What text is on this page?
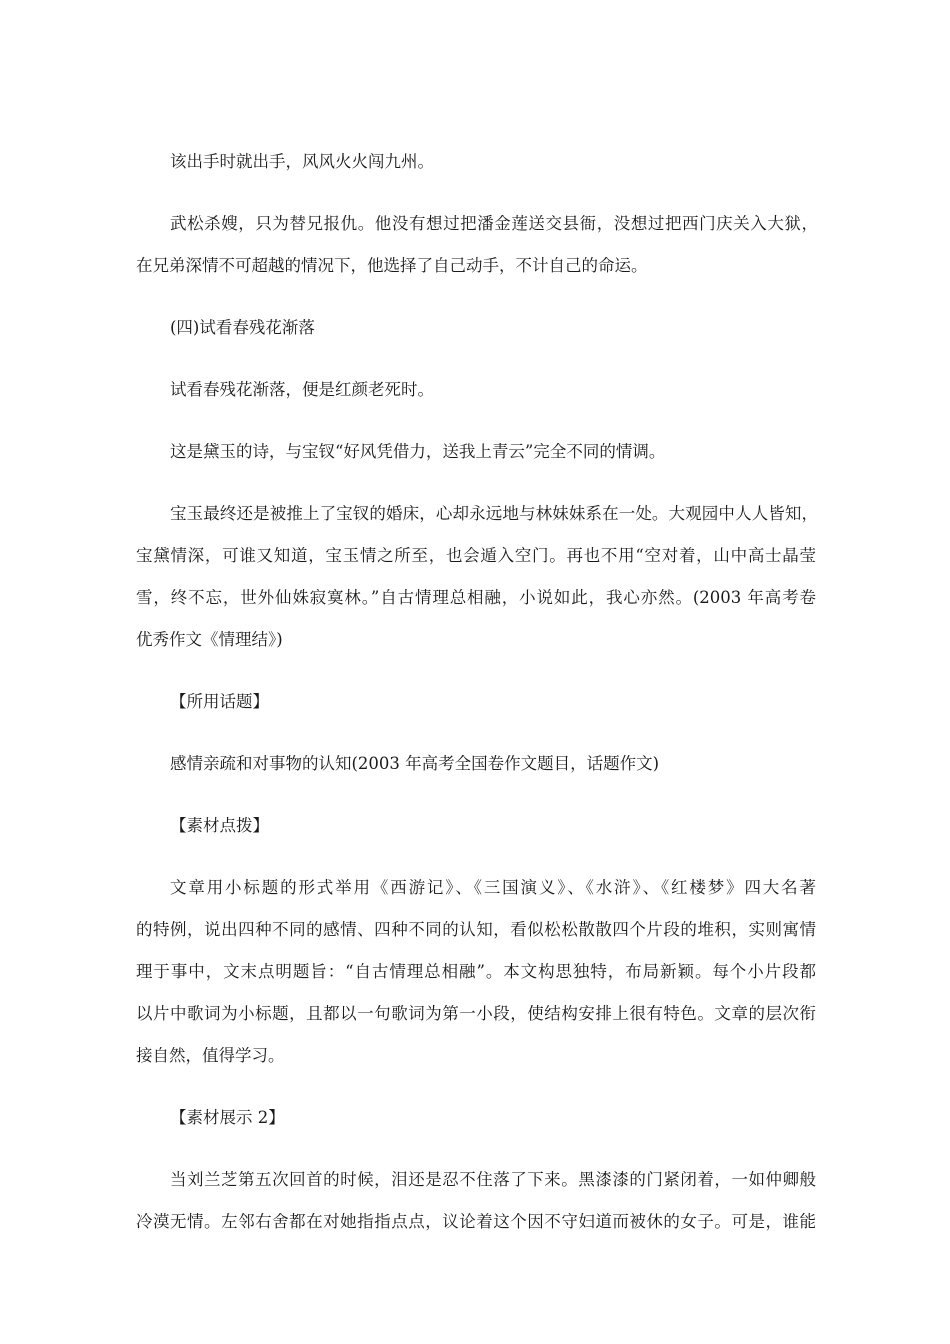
该出手时就出手，风风火火闯九州。

武松杀嫂，只为替兄报仇。他没有想过把潘金莲送交县衙，没想过把西门庆关入大狱，

在兄弟深情不可超越的情况下，他选择了自己动手，不计自己的命运。

(四)试看春残花渐落

试看春残花渐落，便是红颜老死时。

这是黛玉的诗，与宝钗“好风凭借力，送我上青云”完全不同的情调。

宝玉最终还是被推上了宝钗的婚床，心却永远地与林妹妹系在一处。大观园中人人皆知，

宝黛情深，可谁又知道，宝玉情之所至，也会遁入空门。再也不用“空对着，山中高士晶莹

雪，终不忘，世外仙姝寂寞林。”自古情理总相融，小说如此，我心亦然。(2003 年高考卷

优秀作文《情理结》)

【所用话题】

感情亲疏和对事物的认知(2003 年高考全国卷作文题目，话题作文)

【素材点拨】

文章用小标题的形式举用《西游记》、《三国演义》、《水浒》、《红楼梦》四大名著

的特例，说出四种不同的感情、四种不同的认知，看似松松散散四个片段的堆积，实则寓情

理于事中，文末点明题旨：“自古情理总相融”。本文构思独特，布局新颖。每个小片段都

以片中歌词为小标题，且都以一句歌词为第一小段，使结构安排上很有特色。文章的层次衔

接自然，值得学习。

【素材展示 2】

当刘兰芝第五次回首的时候，泪还是忍不住落了下来。黑漆漆的门紧闭着，一如仲卿般

冷漠无情。左邻右舍都在对她指指点点，议论着这个因不守妇道而被休的女子。可是，谁能
